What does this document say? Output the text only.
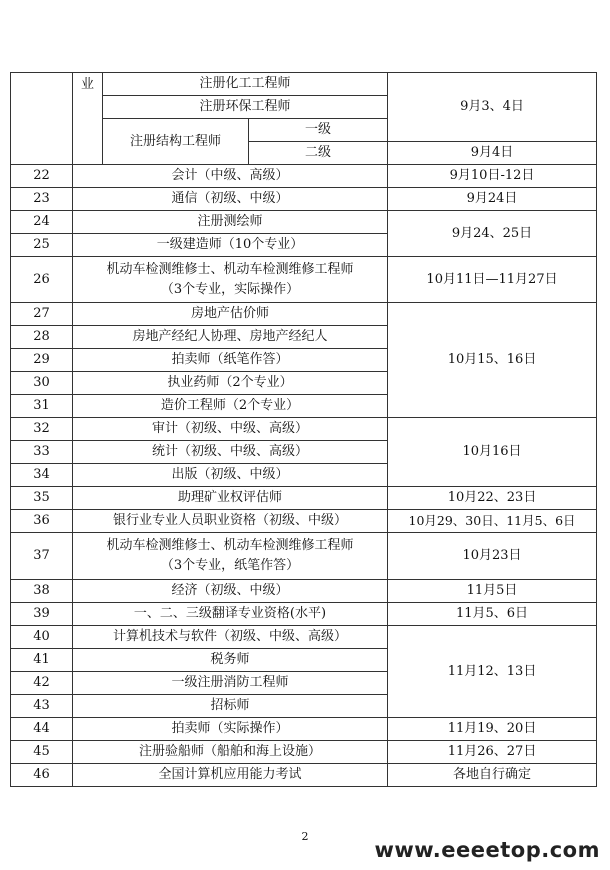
	业	注册化工工程师		9月3、4日
		注册环保工程师		
		注册结构工程师	一级	
			二级	9月4日
22	会计（中级、高级）			9月10日-12日
23	通信（初级、中级）			9月24日
24	注册测绘师			9月24、25日
25	一级建造师（10个专业）			
26	机动车检测维修士、机动车检测维修工程师
（3个专业，实际操作）			10月11日—11月27日
27	房地产估价师			10月15、16日
28	房地产经纪人协理、房地产经纪人			
29	拍卖师（纸笔作答）			
30	执业药师（2个专业）			
31	造价工程师（2个专业）			
32	审计（初级、中级、高级）			10月16日
33	统计（初级、中级、高级）			
34	出版（初级、中级）			
35	助理矿业权评估师			10月22、23日
36	银行业专业人员职业资格（初级、中级）			10月29、30日、11月5、6日
37	机动车检测维修士、机动车检测维修工程师
（3个专业，纸笔作答）			10月23日
38	经济（初级、中级）			11月5日
39	一、二、三级翻译专业资格(水平)			11月5、6日
40	计算机技术与软件（初级、中级、高级）			11月12、13日
41	税务师			
42	一级注册消防工程师			
43	招标师			
44	拍卖师（实际操作）			11月19、20日
45	注册验船师（船舶和海上设施）			11月26、27日
46	全国计算机应用能力考试			各地自行确定
2
www.eeeetop.com
